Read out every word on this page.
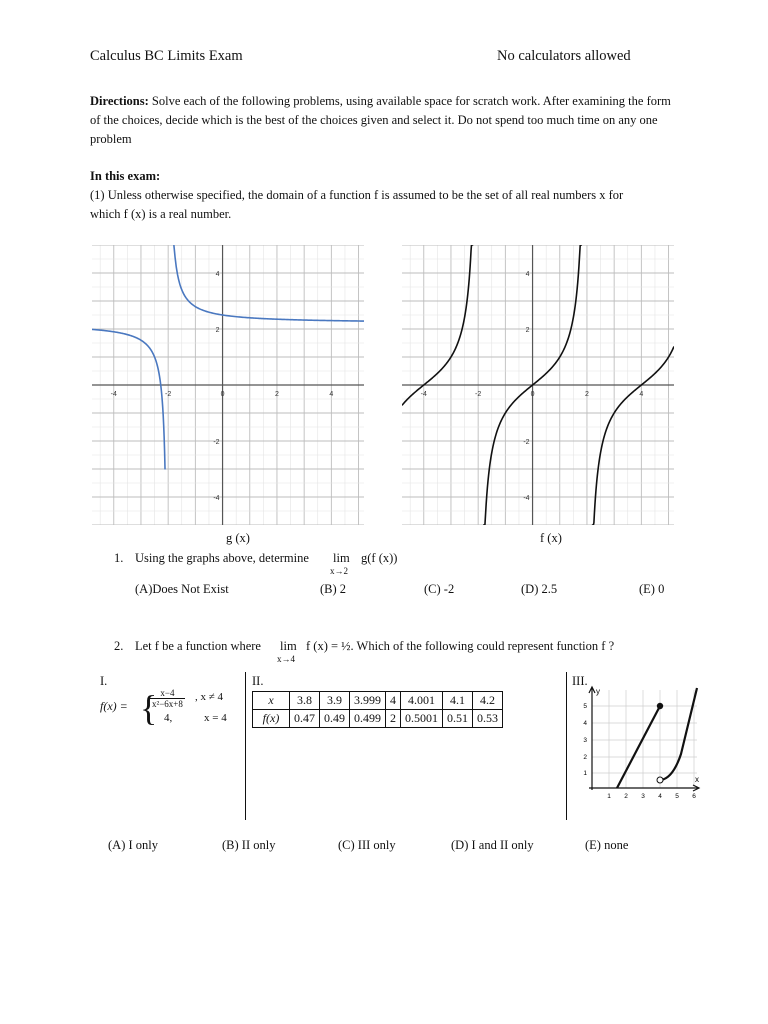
Calculus BC Limits Exam	No calculators allowed
Directions: Solve each of the following problems, using available space for scratch work. After examining the form of the choices, decide which is the best of the choices given and select it. Do not spend too much time on any one problem
In this exam:
(1) Unless otherwise specified, the domain of a function f is assumed to be the set of all real numbers x for
which f (x) is a real number.
-4	-2	0	2	4
-4
-2
2
4
g (x)
-4	-2	0	2	4
-4
-2
2
4
f (x)
1. Using the graphs above, determine lim
x→2
g(f (x))
(A)Does Not Exist	(B) 2	(C) -2	(D) 2.5	(E) 0
2. Let f be a function where lim
x→4
f (x) = ½. Which of the following could represent function f ?
I.
f(x) = {
$\frac{x-4}{\text{x²−6x+8}}$ , x ≠ 4
4,	x = 4
II.
x	3.8	3.9	3.999	4	4.001	4.1	4.2
f(x)	0.47	0.49	0.499	2	0.5001	0.51	0.53
III.
y
x
1 2 3 4 5 6
1
2
3
4
5
(A) I only	(B) II only	(C) III only	(D) I and II only	(E) none
